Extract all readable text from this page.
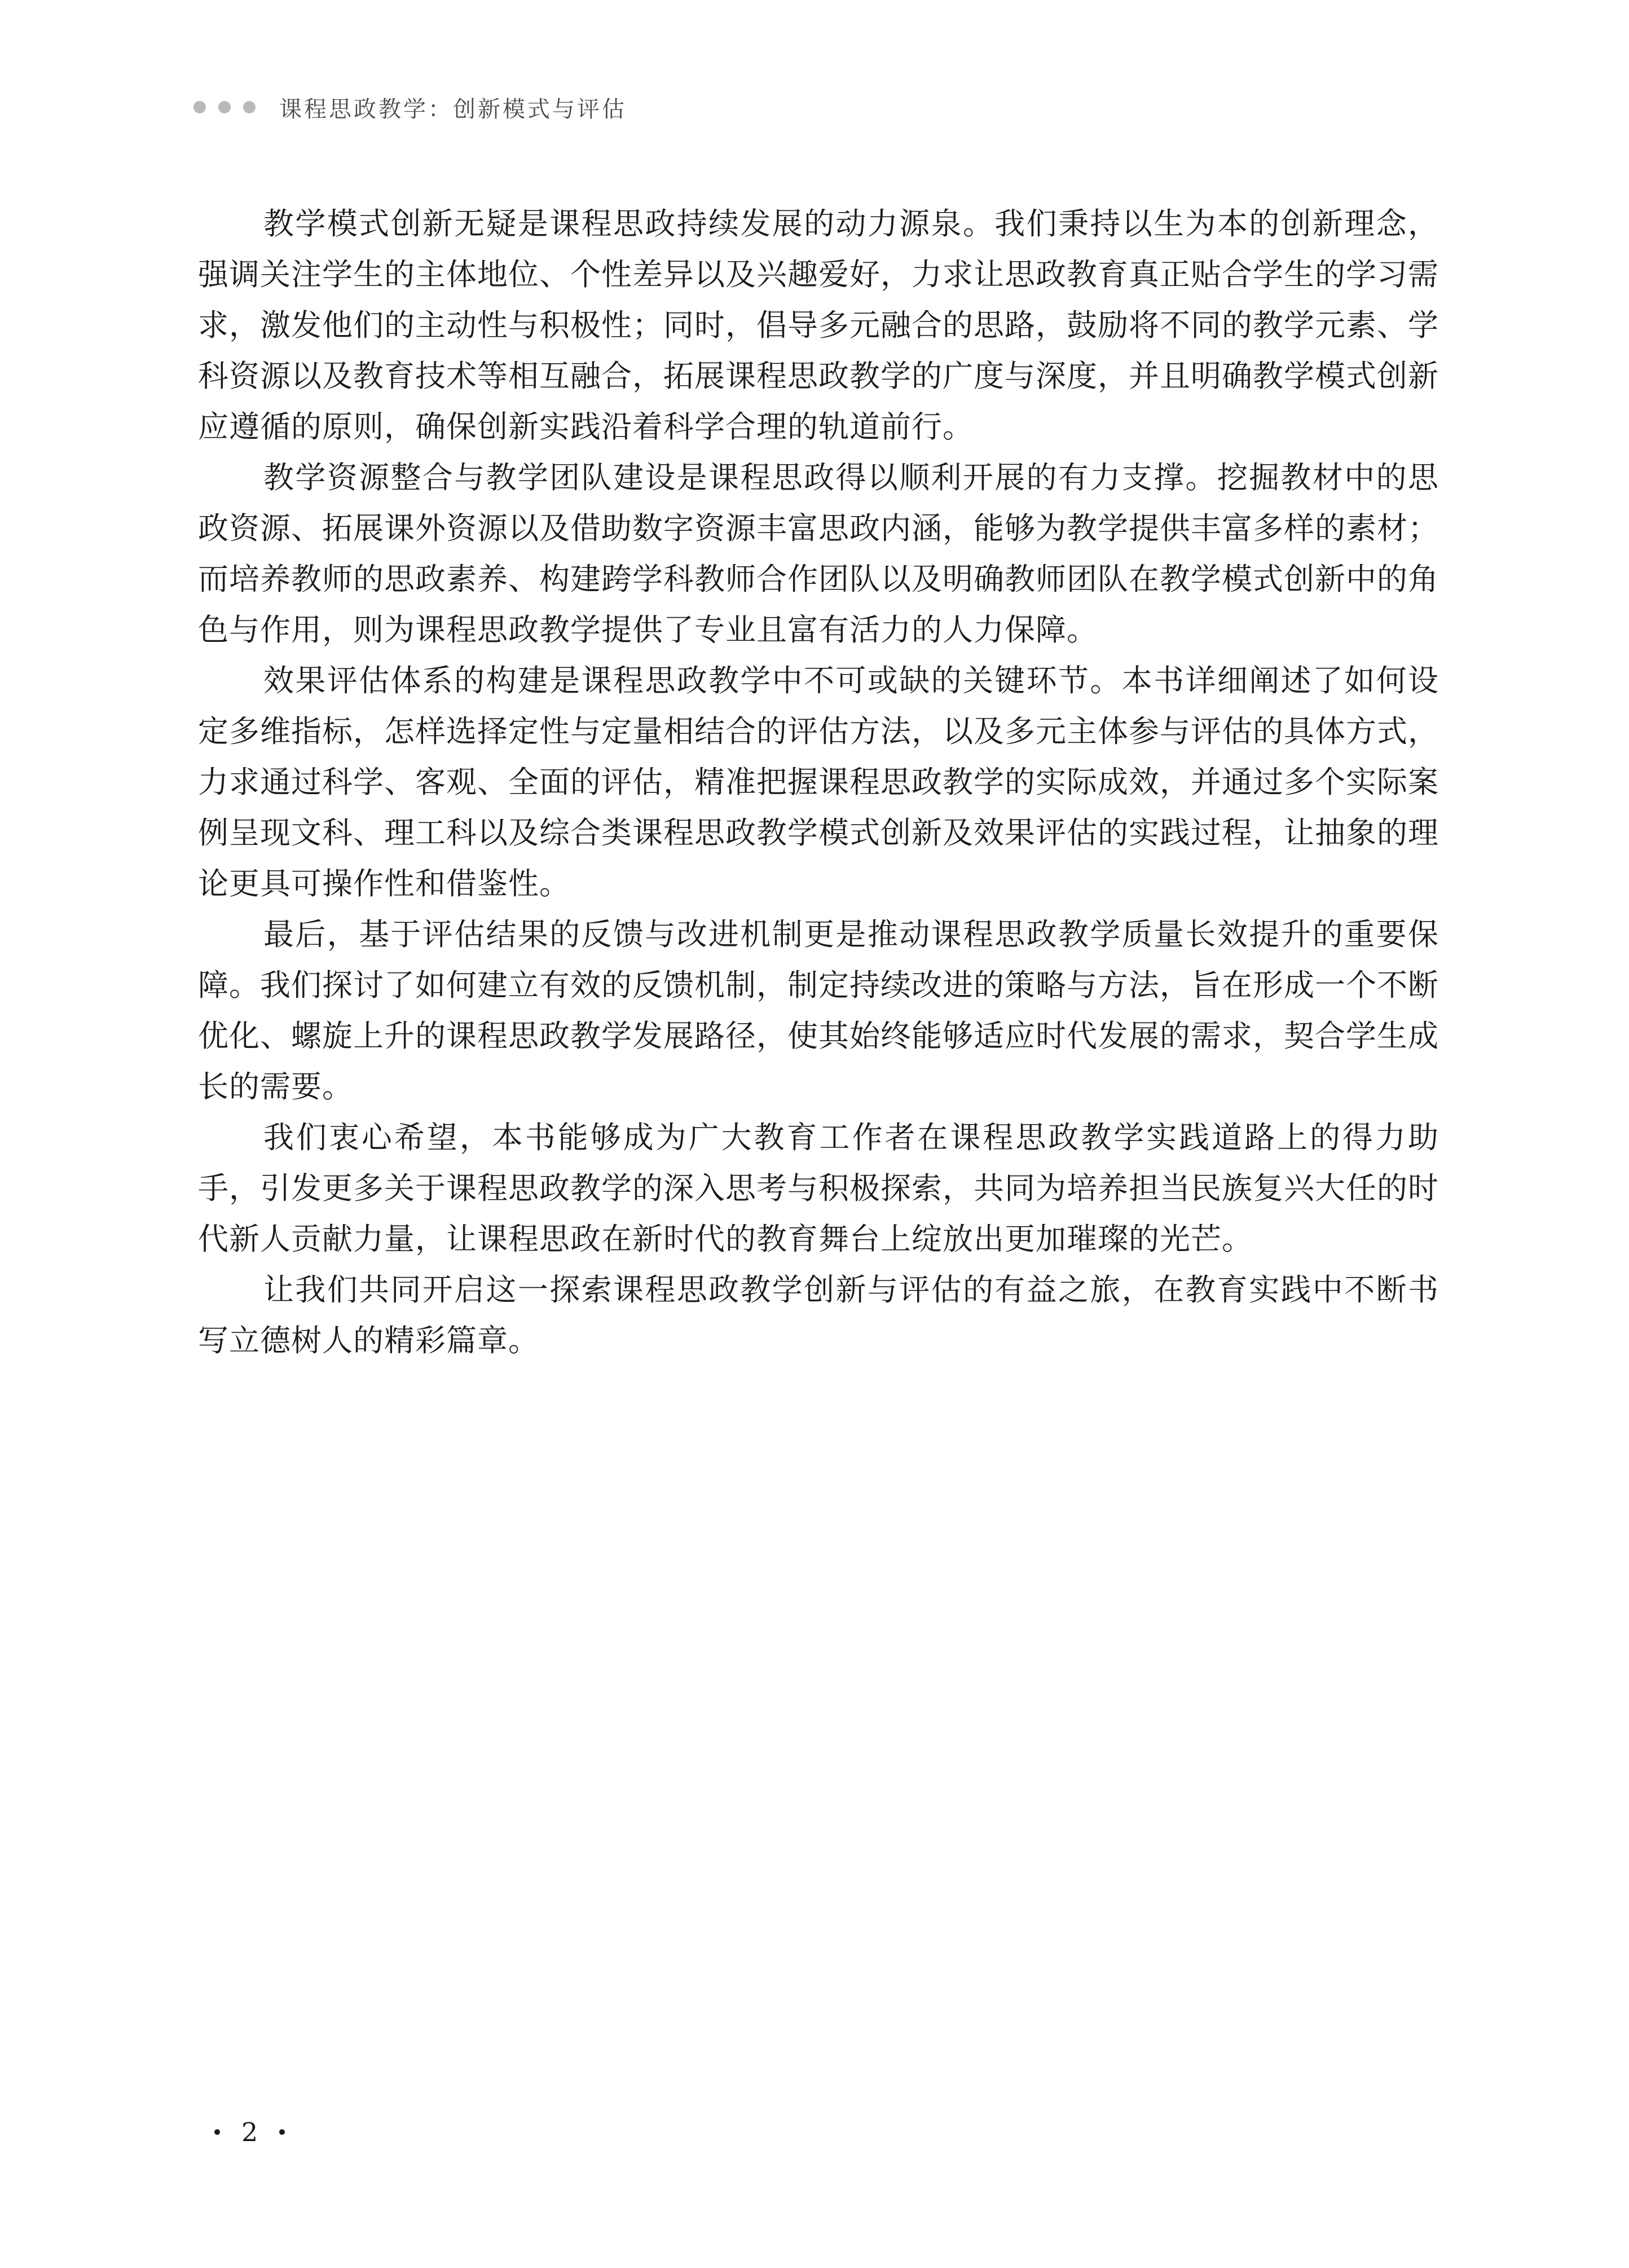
课程思政教学：创新模式与评估

教学模式创新无疑是课程思政持续发展的动力源泉。我们秉持以生为本的创新理念，强调关注学生的主体地位、个性差异以及兴趣爱好，力求让思政教育真正贴合学生的学习需求，激发他们的主动性与积极性；同时，倡导多元融合的思路，鼓励将不同的教学元素、学科资源以及教育技术等相互融合，拓展课程思政教学的广度与深度，并且明确教学模式创新应遵循的原则，确保创新实践沿着科学合理的轨道前行。

教学资源整合与教学团队建设是课程思政得以顺利开展的有力支撑。挖掘教材中的思政资源、拓展课外资源以及借助数字资源丰富思政内涵，能够为教学提供丰富多样的素材；而培养教师的思政素养、构建跨学科教师合作团队以及明确教师团队在教学模式创新中的角色与作用，则为课程思政教学提供了专业且富有活力的人力保障。

效果评估体系的构建是课程思政教学中不可或缺的关键环节。本书详细阐述了如何设定多维指标，怎样选择定性与定量相结合的评估方法，以及多元主体参与评估的具体方式，力求通过科学、客观、全面的评估，精准把握课程思政教学的实际成效，并通过多个实际案例呈现文科、理工科以及综合类课程思政教学模式创新及效果评估的实践过程，让抽象的理论更具可操作性和借鉴性。

最后，基于评估结果的反馈与改进机制更是推动课程思政教学质量长效提升的重要保障。我们探讨了如何建立有效的反馈机制，制定持续改进的策略与方法，旨在形成一个不断优化、螺旋上升的课程思政教学发展路径，使其始终能够适应时代发展的需求，契合学生成长的需要。

我们衷心希望，本书能够成为广大教育工作者在课程思政教学实践道路上的得力助手，引发更多关于课程思政教学的深入思考与积极探索，共同为培养担当民族复兴大任的时代新人贡献力量，让课程思政在新时代的教育舞台上绽放出更加璀璨的光芒。

让我们共同开启这一探索课程思政教学创新与评估的有益之旅，在教育实践中不断书写立德树人的精彩篇章。

2
